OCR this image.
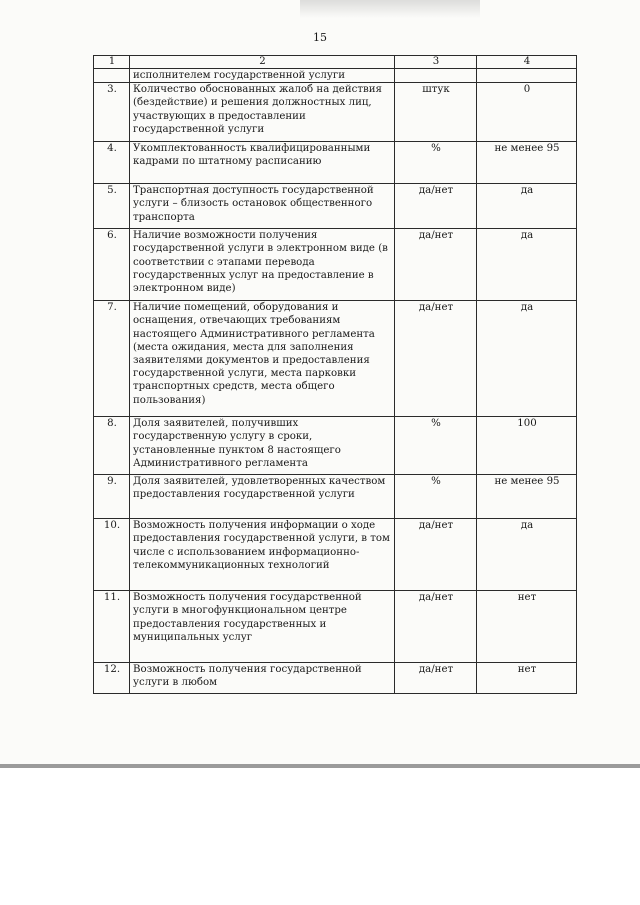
15
1	2	3	4
	исполнителем государственной услуги		
3.	Количество обоснованных жалоб на действия (бездействие) и решения должностных лиц, участвующих в предоставлении государственной услуги	штук	0
4.	Укомплектованность квалифицированными кадрами по штатному расписанию	%	не менее 95
5.	Транспортная доступность государственной услуги – близость остановок общественного транспорта	да/нет	да
6.	Наличие возможности получения государственной услуги в электронном виде (в соответствии с этапами перевода государственных услуг на предоставление в электронном виде)	да/нет	да
7.	Наличие помещений, оборудования и оснащения, отвечающих требованиям настоящего Административного регламента (места ожидания, места для заполнения заявителями документов и предоставления государственной услуги, места парковки транспортных средств, места общего пользования)	да/нет	да
8.	Доля заявителей, получивших государственную услугу в сроки, установленные пунктом 8 настоящего Административного регламента	%	100
9.	Доля заявителей, удовлетворенных качеством предоставления государственной услуги	%	не менее 95
10.	Возможность получения информации о ходе предоставления государственной услуги, в том числе с использованием информационно-телекоммуникационных технологий	да/нет	да
11.	Возможность получения государственной услуги в многофункциональном центре предоставления государственных и муниципальных услуг	да/нет	нет
12.	Возможность получения государственной услуги в любом	да/нет	нет
